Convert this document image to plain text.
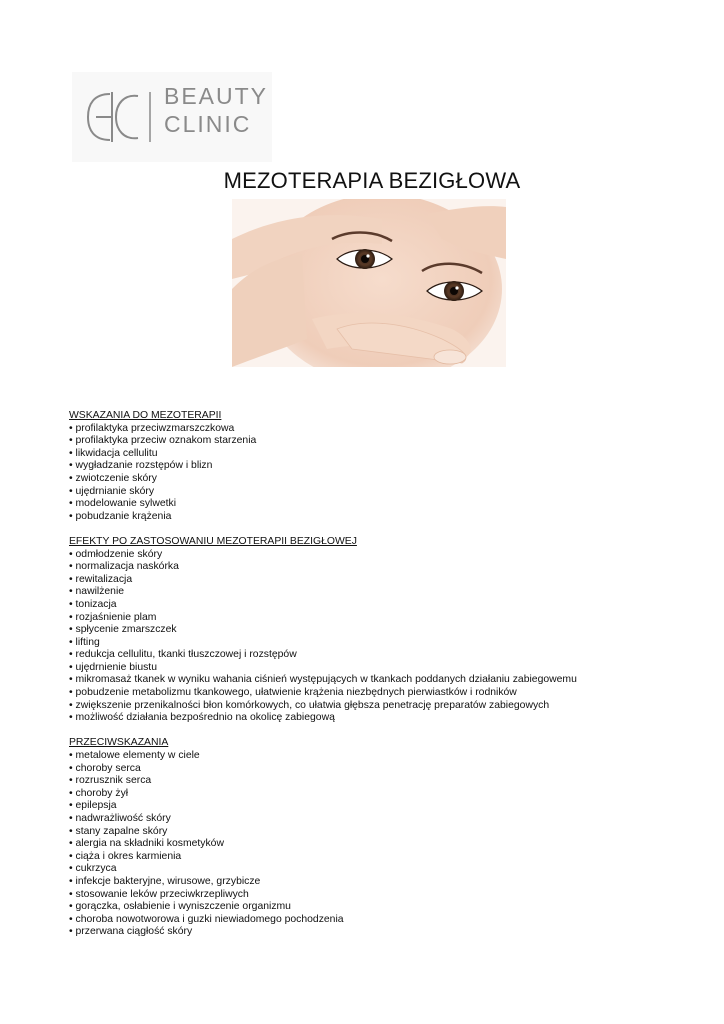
BEAUTY
CLINIC
MEZOTERAPIA BEZIGŁOWA
WSKAZANIA DO MEZOTERAPII
• profilaktyka przeciwzmarszczkowa
• profilaktyka przeciw oznakom starzenia
• likwidacja cellulitu
• wygładzanie rozstępów i blizn
• zwiotczenie skóry
• ujędrnianie skóry
• modelowanie sylwetki
• pobudzanie krążenia
EFEKTY PO ZASTOSOWANIU MEZOTERAPII BEZIGŁOWEJ
• odmłodzenie skóry
• normalizacja naskórka
• rewitalizacja
• nawilżenie
• tonizacja
• rozjaśnienie plam
• spłycenie zmarszczek
• lifting
• redukcja cellulitu, tkanki tłuszczowej i rozstępów
• ujędrnienie biustu
• mikromasaż tkanek w wyniku wahania ciśnień występujących w tkankach poddanych działaniu zabiegowemu
• pobudzenie metabolizmu tkankowego, ułatwienie krążenia niezbędnych pierwiastków i rodników
• zwiększenie przenikalności błon komórkowych, co ułatwia głębsza penetrację preparatów zabiegowych
• możliwość działania bezpośrednio na okolicę zabiegową
PRZECIWSKAZANIA
• metalowe elementy w ciele
• choroby serca
• rozrusznik serca
• choroby żył
• epilepsja
• nadwrażliwość skóry
• stany zapalne skóry
• alergia na składniki kosmetyków
• ciąża i okres karmienia
• cukrzyca
• infekcje bakteryjne, wirusowe, grzybicze
• stosowanie leków przeciwkrzepliwych
• gorączka, osłabienie i wyniszczenie organizmu
• choroba nowotworowa i guzki niewiadomego pochodzenia
• przerwana ciągłość skóry
